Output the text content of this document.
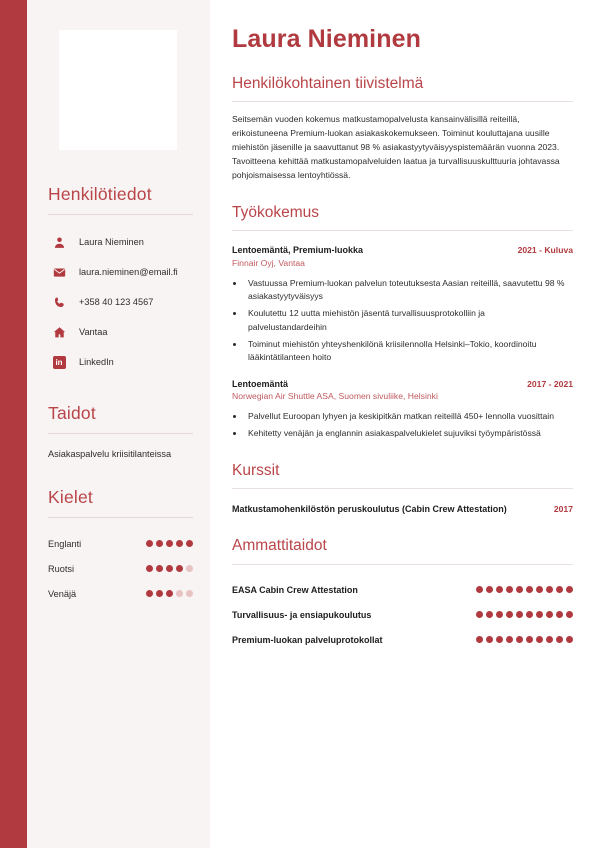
Henkilötiedot
Laura Nieminen
laura.nieminen@email.fi
+358 40 123 4567
Vantaa
in	LinkedIn
Taidot
Asiakaspalvelu kriisitilanteissa
Kielet
Englanti
Ruotsi
Venäjä
Laura Nieminen
Henkilökohtainen tiivistelmä

Seitsemän vuoden kokemus matkustamopalvelusta kansainvälisillä reiteillä, erikoistuneena Premium-luokan asiakaskokemukseen. Toiminut kouluttajana uusille miehistön jäsenille ja saavuttanut 98 % asiakastyytyväisyyspistemäärän vuonna 2023. Tavoitteena kehittää matkustamopalveluiden laatua ja turvallisuuskulttuuria johtavassa pohjoismaisessa lentoyhtiössä.

Työkokemus
Lentoemäntä, Premium-luokka	2021 - Kuluva
Finnair Oyj, Vantaa
• Vastuussa Premium-luokan palvelun toteutuksesta Aasian reiteillä, saavutettu 98 % asiakastyytyväisyys
• Koulutettu 12 uutta miehistön jäsentä turvallisuusprotokolliin ja palvelustandardeihin
• Toiminut miehistön yhteyshenkilönä kriisilennolla Helsinki–Tokio, koordinoitu lääkintätilanteen hoito
Lentoemäntä	2017 - 2021
Norwegian Air Shuttle ASA, Suomen sivuliike, Helsinki
• Palvellut Euroopan lyhyen ja keskipitkän matkan reiteillä 450+ lennolla vuosittain
• Kehitetty venäjän ja englannin asiakaspalvelukielet sujuviksi työympäristössä
Kurssit
Matkustamohenkilöstön peruskoulutus (Cabin Crew Attestation)	2017
Ammattitaidot
EASA Cabin Crew Attestation
Turvallisuus- ja ensiapukoulutus
Premium-luokan palveluprotokollat
